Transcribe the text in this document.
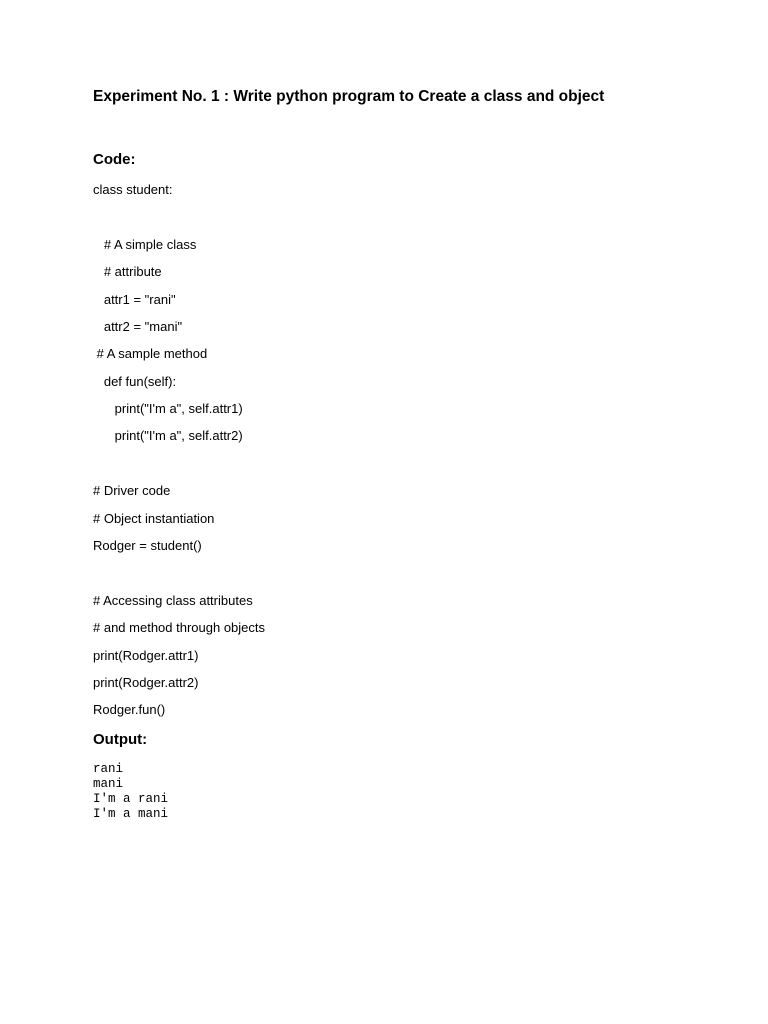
Experiment No. 1 : Write python program to Create a class and object
Code:
class student:
# A simple class
# attribute
attr1 = "rani"
attr2 = "mani"
# A sample method
def fun(self):
print("I'm a", self.attr1)
print("I'm a", self.attr2)
# Driver code
# Object instantiation
Rodger = student()
# Accessing class attributes
# and method through objects
print(Rodger.attr1)
print(Rodger.attr2)
Rodger.fun()
Output:
rani
mani
I'm a rani
I'm a mani
